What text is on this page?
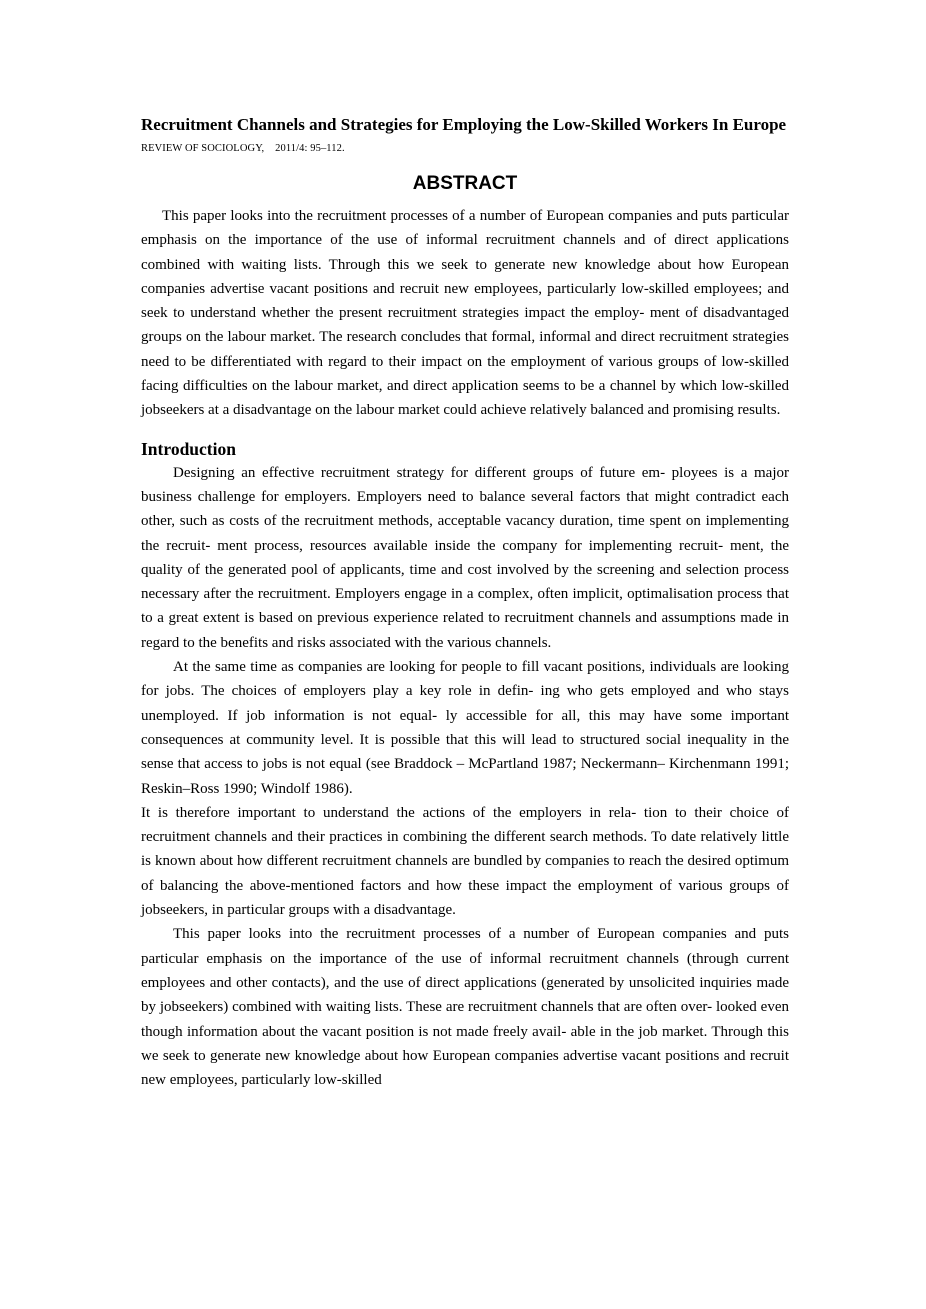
Recruitment Channels and Strategies for Employing the Low-Skilled Workers In Europe
REVIEW OF SOCIOLOGY,    2011/4: 95–112.
ABSTRACT

This paper looks into the recruitment processes of a number of European companies and puts particular emphasis on the importance of the use of informal recruitment channels and of direct applications combined with waiting lists. Through this we seek to generate new knowledge about how European companies advertise vacant positions and recruit new employees, particularly low-skilled employees; and seek to understand whether the present recruitment strategies impact the employ- ment of disadvantaged groups on the labour market. The research concludes that formal, informal and direct recruitment strategies need to be differentiated with regard to their impact on the employment of various groups of low-skilled facing difficulties on the labour market, and direct application seems to be a channel by which low-skilled jobseekers at a disadvantage on the labour market could achieve relatively balanced and promising results.

Introduction

Designing an effective recruitment strategy for different groups of future em- ployees is a major business challenge for employers. Employers need to balance several factors that might contradict each other, such as costs of the recruitment methods, acceptable vacancy duration, time spent on implementing the recruit- ment process, resources available inside the company for implementing recruit- ment, the quality of the generated pool of applicants, time and cost involved by the screening and selection process necessary after the recruitment. Employers engage in a complex, often implicit, optimalisation process that to a great extent is based on previous experience related to recruitment channels and assumptions made in regard to the benefits and risks associated with the various channels.

At the same time as companies are looking for people to fill vacant positions, individuals are looking for jobs. The choices of employers play a key role in defin- ing who gets employed and who stays unemployed. If job information is not equal- ly accessible for all, this may have some important consequences at community level. It is possible that this will lead to structured social inequality in the sense that access to jobs is not equal (see Braddock – McPartland 1987; Neckermann– Kirchenmann 1991; Reskin–Ross 1990; Windolf 1986).

It is therefore important to understand the actions of the employers in rela- tion to their choice of recruitment channels and their practices in combining the different search methods. To date relatively little is known about how different recruitment channels are bundled by companies to reach the desired optimum of balancing the above-mentioned factors and how these impact the employment of various groups of jobseekers, in particular groups with a disadvantage.

This paper looks into the recruitment processes of a number of European companies and puts particular emphasis on the importance of the use of informal recruitment channels (through current employees and other contacts), and the use of direct applications (generated by unsolicited inquiries made by jobseekers) combined with waiting lists. These are recruitment channels that are often over- looked even though information about the vacant position is not made freely avail- able in the job market. Through this we seek to generate new knowledge about how European companies advertise vacant positions and recruit new employees, particularly low-skilled
